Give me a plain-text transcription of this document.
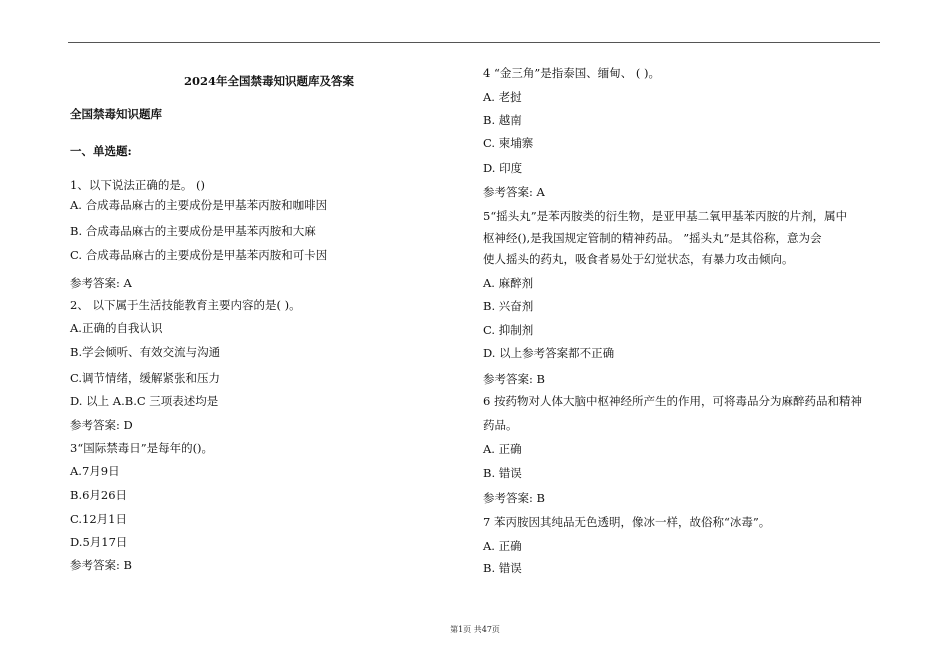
2024年全国禁毒知识题库及答案
全国禁毒知识题库
一、单选题:
1、以下说法正确的是。 ()
A. 合成毒品麻古的主要成份是甲基苯丙胺和咖啡因
B. 合成毒品麻古的主要成份是甲基苯丙胺和大麻
C. 合成毒品麻古的主要成份是甲基苯丙胺和可卡因
参考答案: A
2、 以下属于生活技能教育主要内容的是( )。
A.正确的自我认识
B.学会倾听、有效交流与沟通
C.调节情绪，缓解紧张和压力
D. 以上 A.B.C 三项表述均是
参考答案: D
3“国际禁毒日”是每年的()。
A.7月9日
B.6月26日
C.12月1日
D.5月17日
参考答案: B
4 “金三角”是指泰国、缅甸、 ( )。
A. 老挝
B. 越南
C. 柬埔寨
D. 印度
参考答案: A
5“摇头丸”是苯丙胺类的衍生物，是亚甲基二氧甲基苯丙胺的片剂，属中
枢神经(),是我国规定管制的精神药品。 ”摇头丸”是其俗称，意为会
使人摇头的药丸，吸食者易处于幻觉状态，有暴力攻击倾向。
A. 麻醉剂
B. 兴奋剂
C. 抑制剂
D. 以上参考答案都不正确
参考答案: B
6 按药物对人体大脑中枢神经所产生的作用，可将毒品分为麻醉药品和精神
药品。
A. 正确
B. 错误
参考答案: B
7 苯丙胺因其纯品无色透明，像冰一样，故俗称“冰毒”。
A. 正确
B. 错误
第1页 共47页
